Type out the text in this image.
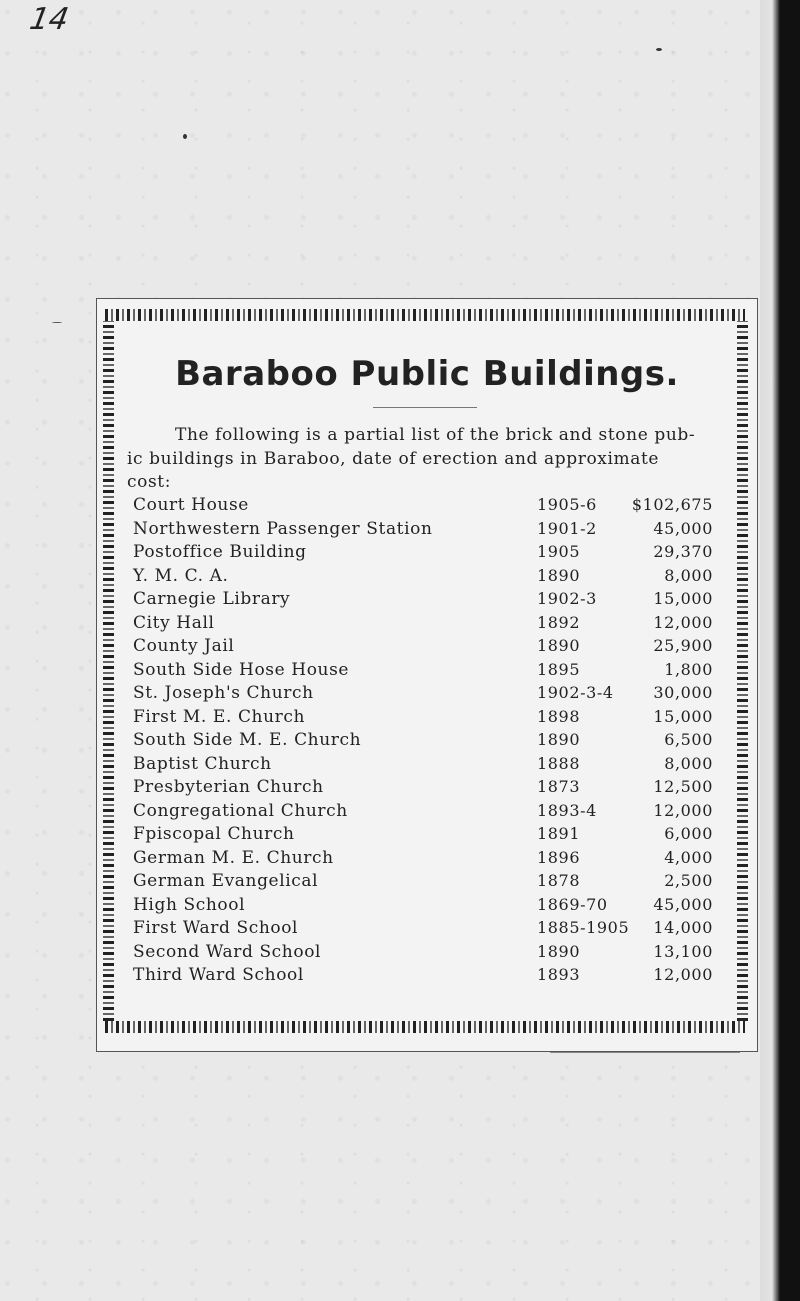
14
Baraboo Public Buildings.
The following is a partial list of the brick and stone pub-
ic buildings in Baraboo, date of erection and approximate
cost:
Court House	1905-6 $102,675
Northwestern Passenger Station	1901-2	45,000
Postoffice Building	1905	29,370
Y. M. C. A.	1890	8,000
Carnegie Library	1902-3	15,000
City Hall	1892	12,000
County Jail	1890	25,900
South Side Hose House	1895	1,800
St. Joseph's Church	1902-3-4 30,000
First M. E. Church	1898	15,000
South Side M. E. Church	1890	6,500
Baptist Church	1888	8,000
Presbyterian Church	1873	12,500
Congregational Church	1893-4	12,000
Fpiscopal Church	1891	6,000
German M. E. Church	1896	4,000
German Evangelical	1878	2,500
High School	1869-70	45,000
First Ward School	1885-1905 14,000
Second Ward School	1890	13,100
Third Ward School	1893	12,000
